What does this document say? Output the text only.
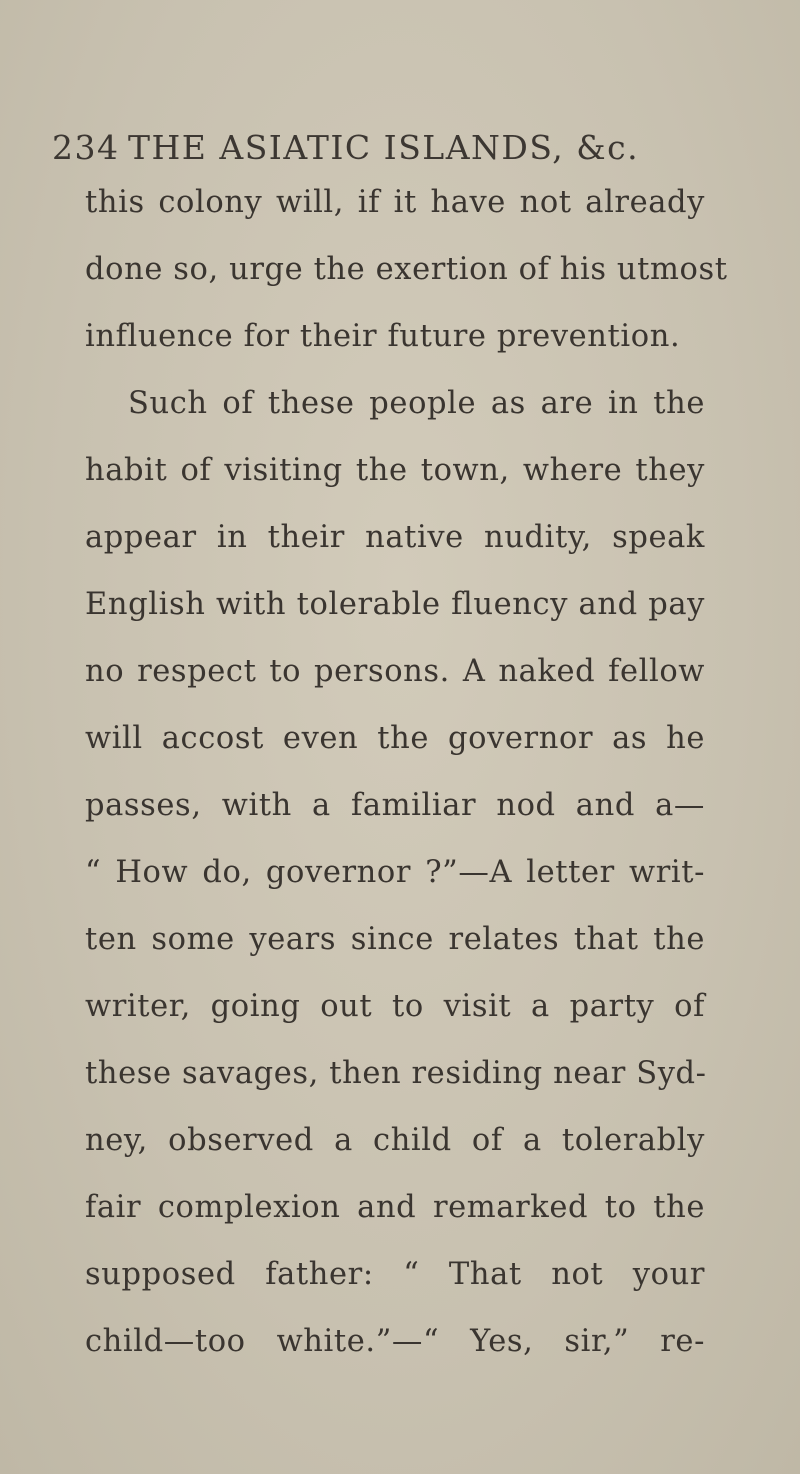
234 THE ASIATIC ISLANDS, &c.
this colony will, if it have not already
done so, urge the exertion of his utmost
influence for their future prevention.
Such of these people as are in the
habit of visiting the town, where they
appear in their native nudity, speak
English with tolerable fluency and pay
no respect to persons. A naked fellow
will accost even the governor as he
passes, with a familiar nod and a—
“ How do, governor ?”—A letter writ-
ten some years since relates that the
writer, going out to visit a party of
these savages, then residing near Syd-
ney, observed a child of a tolerably
fair complexion and remarked to the
supposed father: “ That not your
child—too white.”—“ Yes, sir,” re-
